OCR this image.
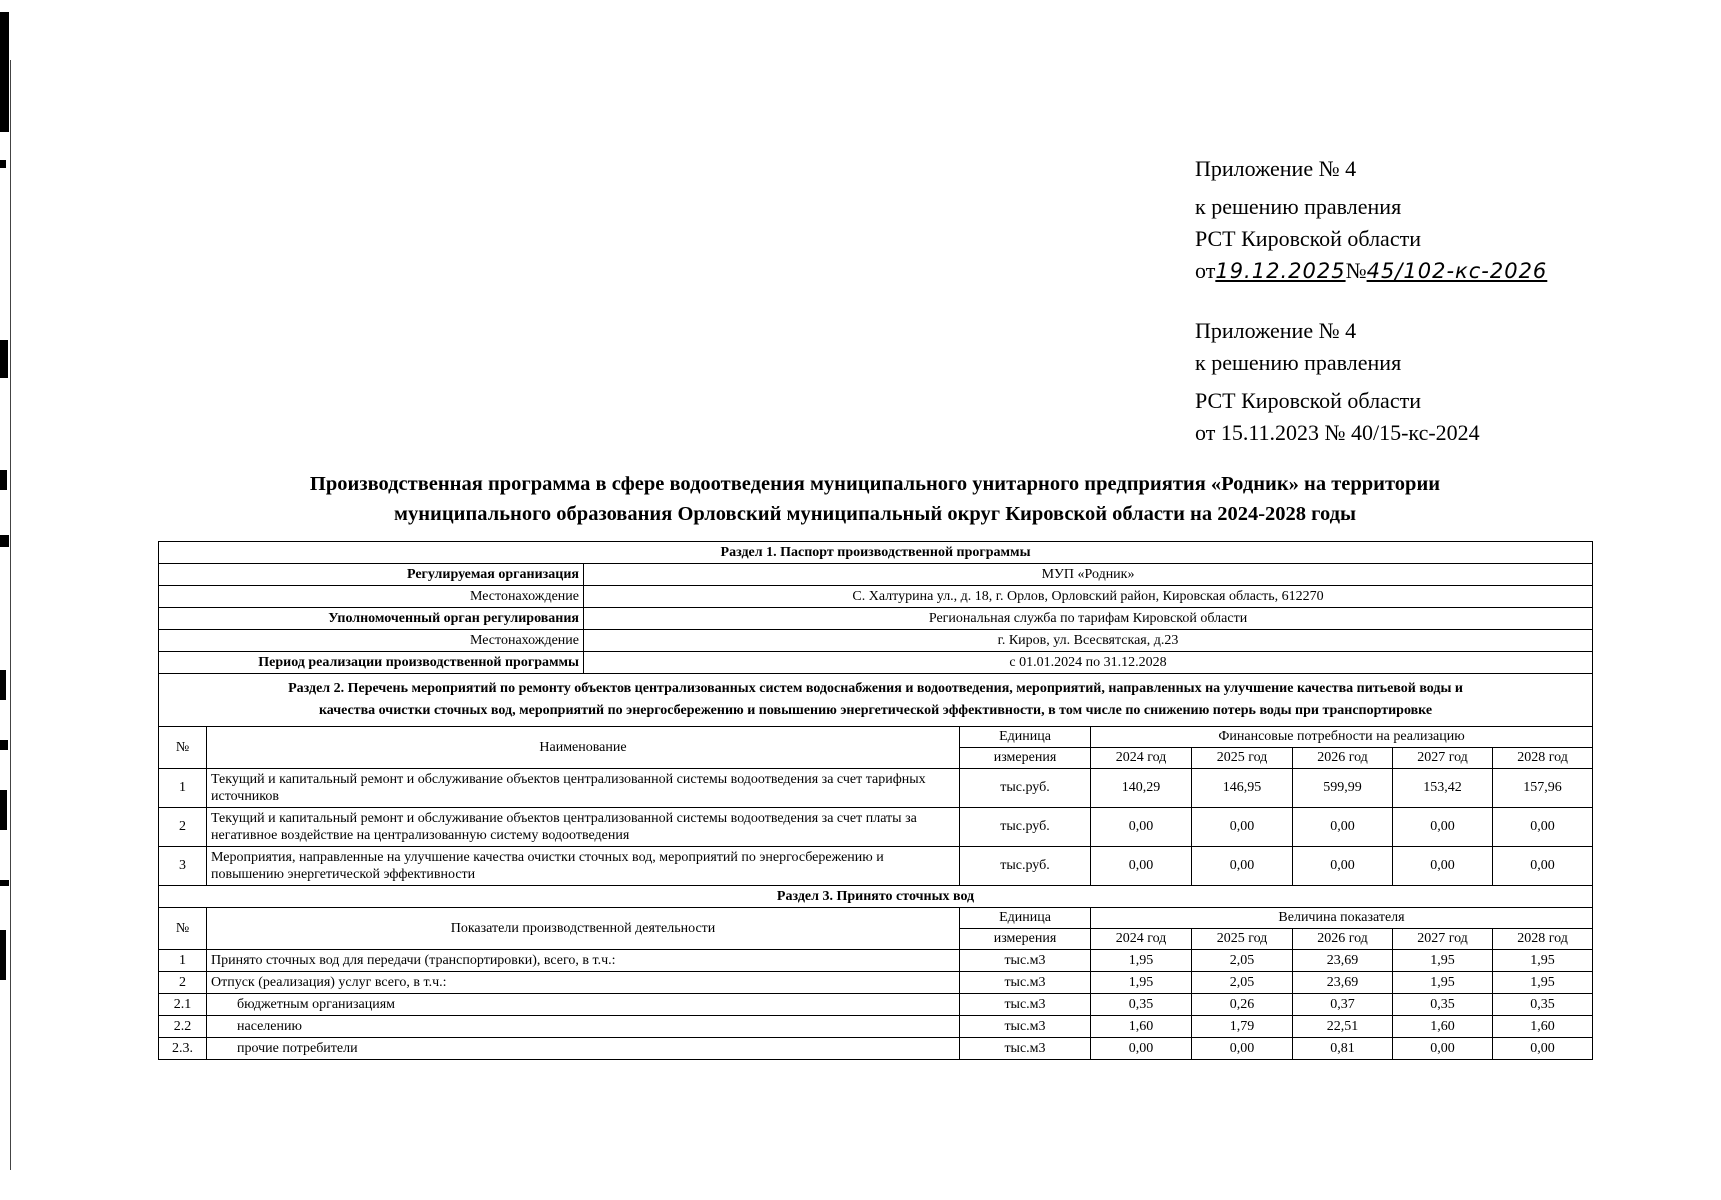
Приложение № 4
к решению правления
РСТ Кировской области
от19.12.2025№45/102-кс-2026
Приложение № 4
к решению правления
РСТ Кировской области
от 15.11.2023 № 40/15-кс-2024
Производственная программа в сфере водоотведения муниципального унитарного предприятия «Родник» на территории
муниципального образования Орловский муниципальный округ Кировской области на 2024-2028 годы
Раздел 1. Паспорт производственной программы								
Регулируемая организация		МУП «Родник»						
Местонахождение		С. Халтурина ул., д. 18, г. Орлов, Орловский район, Кировская область, 612270						
Уполномоченный орган регулирования		Региональная служба по тарифам Кировской области						
Местонахождение		г. Киров, ул. Всесвятская, д.23						
Период реализации производственной программы		с 01.01.2024 по 31.12.2028						

Раздел 2. Перечень мероприятий по ремонту объектов централизованных систем водоснабжения и водоотведения, мероприятий, направленных на улучшение качества питьевой воды и
качества очистки сточных вод, мероприятий по энергосбережению и повышению энергетической эффективности, в том числе по снижению потерь воды при транспортировке								

№	Наименование		Единица	Финансовые потребности на реализацию				
			измерения	2024 год	2025 год	2026 год	2027 год	2028 год
1	Текущий и капитальный ремонт и обслуживание объектов централизованной системы водоотведения за счет тарифных источников		тыс.руб.	140,29	146,95	599,99	153,42	157,96
2	Текущий и капитальный ремонт и обслуживание объектов централизованной системы водоотведения за счет платы за негативное воздействие на централизованную систему водоотведения		тыс.руб.	0,00	0,00	0,00	0,00	0,00
3	Мероприятия, направленные на улучшение качества очистки сточных вод, мероприятий по энергосбережению и повышению энергетической эффективности		тыс.руб.	0,00	0,00	0,00	0,00	0,00
Раздел 3. Принято сточных вод								
№	Показатели производственной деятельности		Единица	Величина показателя				
			измерения	2024 год	2025 год	2026 год	2027 год	2028 год
1	Принято сточных вод для передачи (транспортировки), всего, в т.ч.:		тыс.м3	1,95	2,05	23,69	1,95	1,95
2	Отпуск (реализация) услуг всего, в т.ч.:		тыс.м3	1,95	2,05	23,69	1,95	1,95
2.1	бюджетным организациям		тыс.м3	0,35	0,26	0,37	0,35	0,35
2.2	населению		тыс.м3	1,60	1,79	22,51	1,60	1,60
2.3.	прочие потребители		тыс.м3	0,00	0,00	0,81	0,00	0,00
